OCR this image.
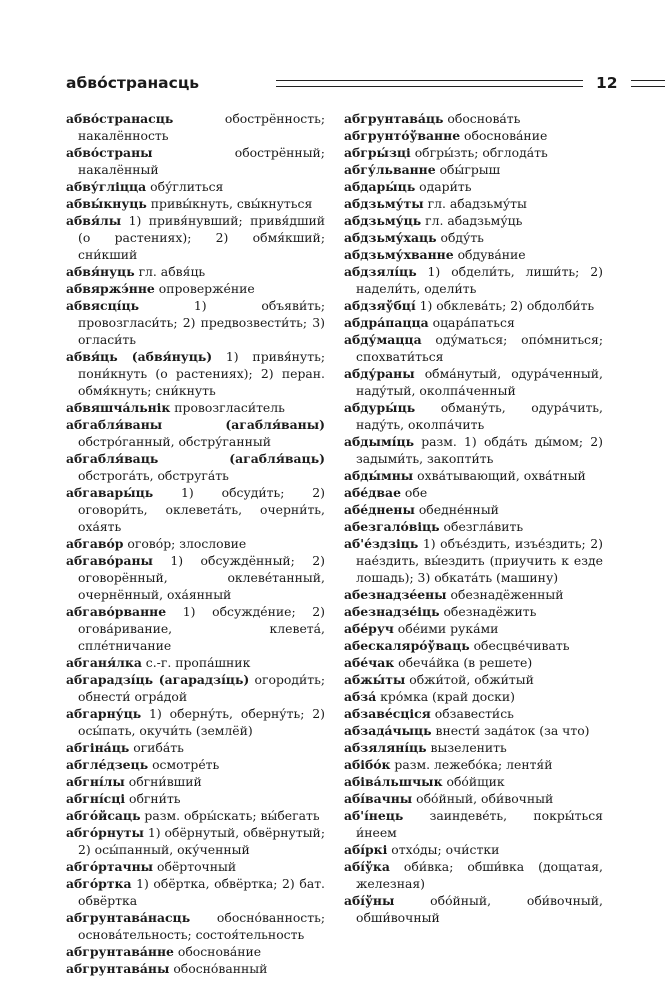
абво́странасць	12

абво́странасць обострённость; накалённость

абво́страны обострённый; накалённый

абву́гліцца обу́глиться

абвы́кнуць привы́кнуть, свы́кнуться

абвя́лы 1) привя́нувший; привя́дший (о растениях); 2) обмя́кший; сни́кший

абвя́нуць гл. абвя́ць

абвяржэ́нне опровержéние

абвясці́ць 1) объяви́ть; провозгласи́ть; 2) предвозвести́ть; 3) огласи́ть

абвя́ць (абвя́нуць) 1) привя́нуть; пони́кнуть (о растениях); 2) перан. обмя́кнуть; сни́кнуть

абвяшча́льнік провозгласи́тель

абгабля́ваны (агабля́ваны) обстро́ганный, обстру́ганный

абгабля́ваць (агабля́ваць) обстрога́ть, обструга́ть

абгавары́ць 1) обсуди́ть; 2) оговори́ть, оклевета́ть, очерни́ть, оха́ять

абгаво́р оговóр; злословие

абгаво́раны 1) обсуждённый; 2) оговорённый, оклеве́танный, очернённый, оха́янный

абгаво́рванне 1) обсуждéние; 2) огова́ривание, клевета́, сплéтничание

абганя́лка с.-г. пропа́шник

абгарадзі́ць (агарадзі́ць) огороди́ть; обнести́ огра́дой

абгарну́ць 1) оберну́ть, оберну́ть; 2) осы́пать, окучи́ть (землёй)

абгіна́ць огиба́ть

абглéдзець осмотрéть

абгні́лы обгни́вший

абгні́сці обгни́ть

абгóйсаць разм. обры́скать; вы́бегать

абгóрнуты 1) обёрнутый, обвёрнутый; 2) осы́панный, оку́ченный

абгóртачны обёрточный

абгóртка 1) обёртка, обвёртка; 2) бат. обвёртка

абгрунтава́насць обосно́ванность; основа́тельность; состоя́тельность

абгрунтава́нне обоснова́ние

абгрунтава́ны обосно́ванный

абгрунтава́ць обоснова́ть

абгрунто́ўванне обоснова́ние

абгры́зці обгры́зть; обглода́ть

абгу́льванне обы́грыш

абдары́ць одари́ть

абдзьму́ты гл. абадзьму́ты

абдзьму́ць гл. абадзьму́ць

абдзьму́хаць обду́ть

абдзьму́хванне обдува́ние

абдзялі́ць 1) обдели́ть, лиши́ть; 2) надели́ть, одели́ть

абдзяўбці́ 1) обклева́ть; 2) обдолби́ть

абдра́пацца оцара́паться

абду́мацца оду́маться; опо́мниться; спохвати́ться

абду́раны обма́нутый, одура́ченный, наду́тый, околпа́ченный

абдуры́ць обману́ть, одура́чить, наду́ть, околпа́чить

абдымі́ць разм. 1) обда́ть ды́мом; 2) задыми́ть, закопти́ть

абды́мны охва́тывающий, охва́тный

абе́двае обе

абе́днены обедне́нный

абезгало́віць обезгла́вить

аб'е́здзіць 1) объе́здить, изъе́здить; 2) нае́здить, вы́ездить (приучить к езде лошадь); 3) обката́ть (машину)

абезнадзе́ены обезнадёженный

абезнадзе́іць обезнадёжить

абе́руч обе́ими рука́ми

абескаляро́ўваць обесцве́чивать

абе́чак обеча́йка (в решете)

абжы́ты обжи́той, обжи́тый

абза́ кро́мка (край доски)

абзаве́сціся обзавести́сь

абзада́чыць внести́ зада́ток (за что)

абзяляні́ць вызеленить

абібо́к разм. лежебо́ка; лентя́й

абіва́льшчык обо́йщик

абі́вачны обо́йный, оби́вочный

аб'і́нець заиндеве́ть, покры́ться и́неем

абі́ркі отхо́ды; очи́стки

абі́ўка оби́вка; обши́вка (дощатая, железная)

абі́ўны обо́йный, оби́вочный, обши́вочный
